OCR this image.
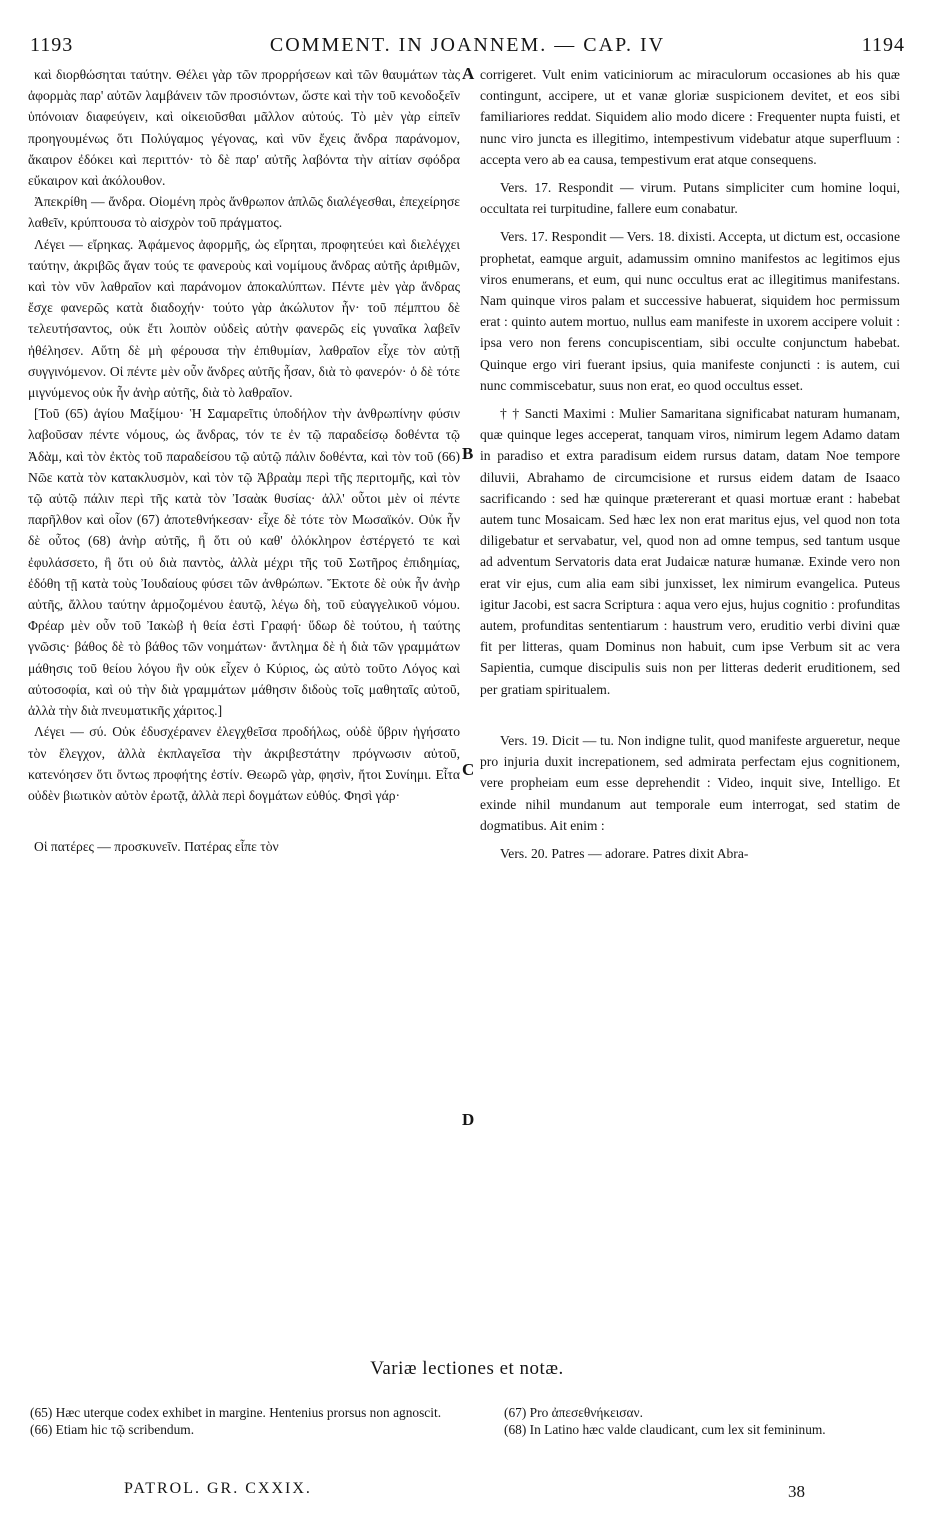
1193	COMMENT. IN JOANNEM. — CAP. IV	1194

καὶ διορθώσηται ταύτην. Θέλει γὰρ τῶν προρρήσεων καὶ τῶν θαυμάτων τὰς ἀφορμὰς παρ' αὐτῶν λαμβάνειν τῶν προσιόντων, ὥστε καὶ τὴν τοῦ κενοδοξεῖν ὑπόνοιαν διαφεύγειν, καὶ οἰκειοῦσθαι μᾶλλον αὐτούς. Τὸ μὲν γὰρ εἰπεῖν προηγουμένως ὅτι Πολύγαμος γέγονας, καὶ νῦν ἔχεις ἄνδρα παράνομον, ἄκαιρον ἐδόκει καὶ περιττόν· τὸ δὲ παρ' αὐτῆς λαβόντα τὴν αἰτίαν σφόδρα εὔκαιρον καὶ ἀκόλουθον.

Ἀπεκρίθη — ἄνδρα. Οἰομένη πρὸς ἄνθρωπον ἁπλῶς διαλέγεσθαι, ἐπεχείρησε λαθεῖν, κρύπτουσα τὸ αἰσχρὸν τοῦ πράγματος.

Λέγει — εἴρηκας. Ἀφάμενος ἀφορμῆς, ὡς εἴρηται, προφητεύει καὶ διελέγχει ταύτην, ἀκριβῶς ἄγαν τούς τε φανεροὺς καὶ νομίμους ἄνδρας αὐτῆς ἀριθμῶν, καὶ τὸν νῦν λαθραῖον καὶ παράνομον ἀποκαλύπτων. Πέντε μὲν γὰρ ἄνδρας ἔσχε φανερῶς κατὰ διαδοχήν· τούτο γὰρ ἀκώλυτον ἦν· τοῦ πέμπτου δὲ τελευτήσαντος, οὐκ ἔτι λοιπὸν οὐδεὶς αὐτὴν φανερῶς εἰς γυναῖκα λαβεῖν ἠθέλησεν. Αὕτη δὲ μὴ φέρουσα τὴν ἐπιθυμίαν, λαθραῖον εἶχε τὸν αὐτῇ συγγινόμενον. Οἱ πέντε μὲν οὖν ἄνδρες αὐτῆς ἦσαν, διὰ τὸ φανερόν· ὁ δὲ τότε μιγνύμενος οὐκ ἦν ἀνὴρ αὐτῆς, διὰ τὸ λαθραῖον.

[Τοῦ (65) ἁγίου Μαξίμου· Ἡ Σαμαρεῖτις ὑποδήλον τὴν ἀνθρωπίνην φύσιν λαβοῦσαν πέντε νόμους, ὡς ἄνδρας, τόν τε ἐν τῷ παραδείσῳ δοθέντα τῷ Ἀδὰμ, καὶ τὸν ἐκτὸς τοῦ παραδείσου τῷ αὐτῷ πάλιν δοθέντα, καὶ τὸν τοῦ (66) Νῶε κατὰ τὸν κατακλυσμὸν, καὶ τὸν τῷ Ἀβραὰμ περὶ τῆς περιτομῆς, καὶ τὸν τῷ αὐτῷ πάλιν περὶ τῆς κατὰ τὸν Ἰσαὰκ θυσίας· ἀλλ' οὗτοι μὲν οἱ πέντε παρῆλθον καὶ οἷον (67) ἀποτεθνήκεσαν· εἶχε δὲ τότε τὸν Μωσαϊκόν. Οὐκ ἦν δὲ οὗτος (68) ἀνὴρ αὐτῆς, ἢ ὅτι οὐ καθ' ὁλόκληρον ἐστέργετό τε καὶ ἐφυλάσσετο, ἢ ὅτι οὐ διὰ παντὸς, ἀλλὰ μέχρι τῆς τοῦ Σωτῆρος ἐπιδημίας, ἐδόθη τῇ κατὰ τοὺς Ἰουδαίους φύσει τῶν ἀνθρώπων. Ἔκτοτε δὲ οὐκ ἦν ἀνὴρ αὐτῆς, ἄλλου ταύτην ἁρμοζομένου ἑαυτῷ, λέγω δὴ, τοῦ εὐαγγελικοῦ νόμου. Φρέαρ μὲν οὖν τοῦ Ἰακὼβ ἡ θεία ἐστὶ Γραφή· ὕδωρ δὲ τούτου, ἡ ταύτης γνῶσις· βάθος δὲ τὸ βάθος τῶν νοημάτων· ἄντλημα δὲ ἡ διὰ τῶν γραμμάτων μάθησις τοῦ θείου λόγου ἣν οὐκ εἶχεν ὁ Κύριος, ὡς αὐτὸ τοῦτο Λόγος καὶ αὐτοσοφία, καὶ οὐ τὴν διὰ γραμμάτων μάθησιν διδοὺς τοῖς μαθηταῖς αὐτοῦ, ἀλλὰ τὴν διὰ πνευματικῆς χάριτος.]

Λέγει — σύ. Οὐκ ἐδυσχέρανεν ἐλεγχθεῖσα προδήλως, οὐδὲ ὕβριν ἡγήσατο τὸν ἔλεγχον, ἀλλὰ ἐκπλαγεῖσα τὴν ἀκριβεστάτην πρόγνωσιν αὐτοῦ, κατενόησεν ὅτι ὄντως προφήτης ἐστίν. Θεωρῶ γὰρ, φησὶν, ἤτοι Συνίημι. Εἶτα οὐδὲν βιωτικὸν αὐτὸν ἐρωτᾷ, ἀλλὰ περὶ δογμάτων εὐθύς. Φησὶ γάρ·

Οἱ πατέρες — προσκυνεῖν. Πατέρας εἶπε τὸν

A
B
C
D

corrigeret. Vult enim vaticiniorum ac miraculorum occasiones ab his quæ contingunt, accipere, ut et vanæ gloriæ suspicionem devitet, et eos sibi familiariores reddat. Siquidem alio modo dicere : Frequenter nupta fuisti, et nunc viro juncta es illegitimo, intempestivum videbatur atque superfluum : accepta vero ab ea causa, tempestivum erat atque consequens.

Vers. 17. Respondit — virum. Putans simpliciter cum homine loqui, occultata rei turpitudine, fallere eum conabatur.

Vers. 17. Respondit — Vers. 18. dixisti. Accepta, ut dictum est, occasione prophetat, eamque arguit, adamussim omnino manifestos ac legitimos ejus viros enumerans, et eum, qui nunc occultus erat ac illegitimus manifestans. Nam quinque viros palam et successive habuerat, siquidem hoc permissum erat : quinto autem mortuo, nullus eam manifeste in uxorem accipere voluit : ipsa vero non ferens concupiscentiam, sibi occulte conjunctum habebat. Quinque ergo viri fuerant ipsius, quia manifeste conjuncti : is autem, cui nunc commiscebatur, suus non erat, eo quod occultus esset.

† † Sancti Maximi : Mulier Samaritana significabat naturam humanam, quæ quinque leges acceperat, tanquam viros, nimirum legem Adamo datam in paradiso et extra paradisum eidem rursus datam, datam Noe tempore diluvii, Abrahamo de circumcisione et rursus eidem datam de Isaaco sacrificando : sed hæ quinque prætererant et quasi mortuæ erant : habebat autem tunc Mosaicam. Sed hæc lex non erat maritus ejus, vel quod non tota diligebatur et servabatur, vel, quod non ad omne tempus, sed tantum usque ad adventum Servatoris data erat Judaicæ naturæ humanæ. Exinde vero non erat vir ejus, cum alia eam sibi junxisset, lex nimirum evangelica. Puteus igitur Jacobi, est sacra Scriptura : aqua vero ejus, hujus cognitio : profunditas autem, profunditas sententiarum : haustrum vero, eruditio verbi divini quæ fit per litteras, quam Dominus non habuit, cum ipse Verbum sit ac vera Sapientia, cumque discipulis suis non per litteras dederit eruditionem, sed per gratiam spiritualem.

Vers. 19. Dicit — tu. Non indigne tulit, quod manifeste argueretur, neque pro injuria duxit increpationem, sed admirata perfectam ejus cognitionem, vere propheiam eum esse deprehendit : Video, inquit sive, Intelligo. Et exinde nihil mundanum aut temporale eum interrogat, sed statim de dogmatibus. Ait enim :

Vers. 20. Patres — adorare. Patres dixit Abra-

Variæ lectiones et notæ.

(65) Hæc uterque codex exhibet in margine. Hentenius prorsus non agnoscit.

(66) Etiam hic τῷ scribendum.

(67) Pro ἀπεσεθνήκεισαν.

(68) In Latino hæc valde claudicant, cum lex sit femininum.

PATROL. GR. CXXIX.	38
